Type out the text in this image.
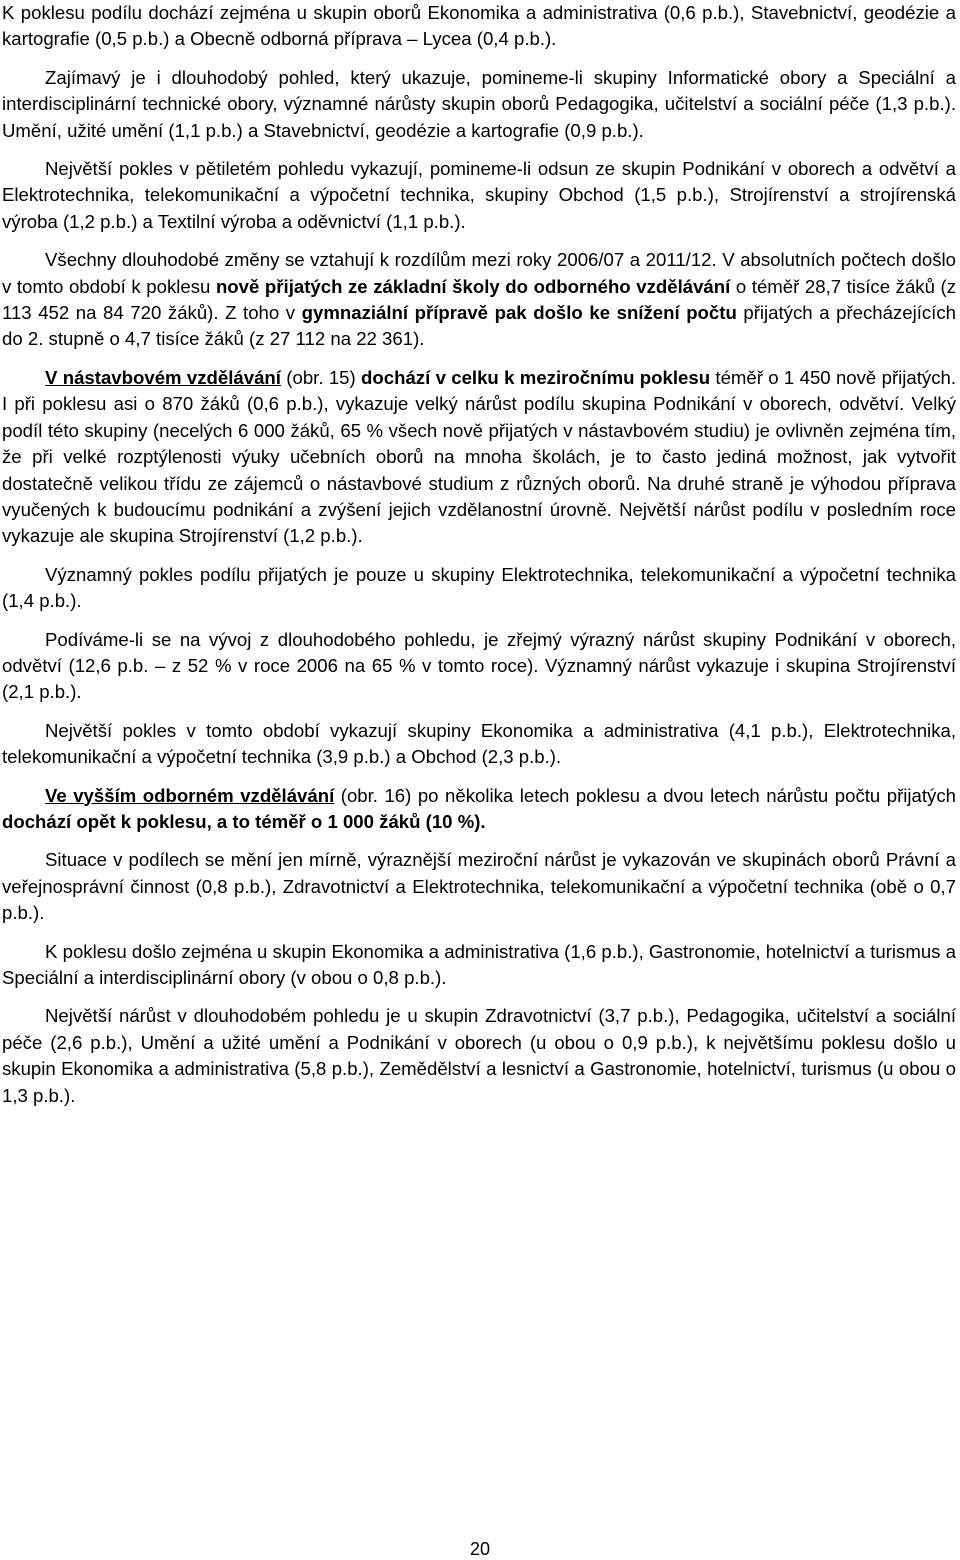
K poklesu podílu dochází zejména u skupin oborů Ekonomika a administrativa (0,6 p.b.), Stavebnictví, geodézie a kartografie (0,5 p.b.) a Obecně odborná příprava – Lycea (0,4 p.b.).

Zajímavý je i dlouhodobý pohled, který ukazuje, pomineme-li skupiny Informatické obory a Speciální a interdisciplinární technické obory, významné nárůsty skupin oborů Pedagogika, učitelství a sociální péče (1,3 p.b.). Umění, užité umění (1,1 p.b.) a Stavebnictví, geodézie a kartografie (0,9 p.b.).

Největší pokles v pětiletém pohledu vykazují, pomineme-li odsun ze skupin Podnikání v oborech a odvětví a Elektrotechnika, telekomunikační a výpočetní technika, skupiny Obchod (1,5 p.b.), Strojírenství a strojírenská výroba (1,2 p.b.) a Textilní výroba a oděvnictví (1,1 p.b.).

Všechny dlouhodobé změny se vztahují k rozdílům mezi roky 2006/07 a 2011/12. V absolutních počtech došlo v tomto období k poklesu nově přijatých ze základní školy do odborného vzdělávání o téměř 28,7 tisíce žáků (z 113 452 na 84 720 žáků). Z toho v gymnaziální přípravě pak došlo ke snížení počtu přijatých a přecházejících do 2. stupně o 4,7 tisíce žáků (z 27 112 na 22 361).

V nástavbovém vzdělávání (obr. 15) dochází v celku k meziročnímu poklesu téměř o 1 450 nově přijatých. I při poklesu asi o 870 žáků (0,6 p.b.), vykazuje velký nárůst podílu skupina Podnikání v oborech, odvětví. Velký podíl této skupiny (necelých 6 000 žáků, 65 % všech nově přijatých v nástavbovém studiu) je ovlivněn zejména tím, že při velké rozptýlenosti výuky učebních oborů na mnoha školách, je to často jediná možnost, jak vytvořit dostatečně velikou třídu ze zájemců o nástavbové studium z různých oborů. Na druhé straně je výhodou příprava vyučených k budoucímu podnikání a zvýšení jejich vzdělanostní úrovně. Největší nárůst podílu v posledním roce vykazuje ale skupina Strojírenství (1,2 p.b.).

Významný pokles podílu přijatých je pouze u skupiny Elektrotechnika, telekomunikační a výpočetní technika (1,4 p.b.).

Podíváme-li se na vývoj z dlouhodobého pohledu, je zřejmý výrazný nárůst skupiny Podnikání v oborech, odvětví (12,6 p.b. – z 52 % v roce 2006 na 65 % v tomto roce). Významný nárůst vykazuje i skupina Strojírenství (2,1 p.b.).

Největší pokles v tomto období vykazují skupiny Ekonomika a administrativa (4,1 p.b.), Elektrotechnika, telekomunikační a výpočetní technika (3,9 p.b.) a Obchod (2,3 p.b.).

Ve vyšším odborném vzdělávání (obr. 16) po několika letech poklesu a dvou letech nárůstu počtu přijatých dochází opět k poklesu, a to téměř o 1 000 žáků (10 %).

Situace v podílech se mění jen mírně, výraznější meziroční nárůst je vykazován ve skupinách oborů Právní a veřejnosprávní činnost (0,8 p.b.), Zdravotnictví a Elektrotechnika, telekomunikační a výpočetní technika (obě o 0,7 p.b.).

K poklesu došlo zejména u skupin Ekonomika a administrativa (1,6 p.b.), Gastronomie, hotelnictví a turismus a Speciální a interdisciplinární obory (v obou o 0,8 p.b.).

Největší nárůst v dlouhodobém pohledu je u skupin Zdravotnictví (3,7 p.b.), Pedagogika, učitelství a sociální péče (2,6 p.b.), Umění a užité umění a Podnikání v oborech (u obou o 0,9 p.b.), k největšímu poklesu došlo u skupin Ekonomika a administrativa (5,8 p.b.), Zemědělství a lesnictví a Gastronomie, hotelnictví, turismus (u obou o 1,3 p.b.).

20
